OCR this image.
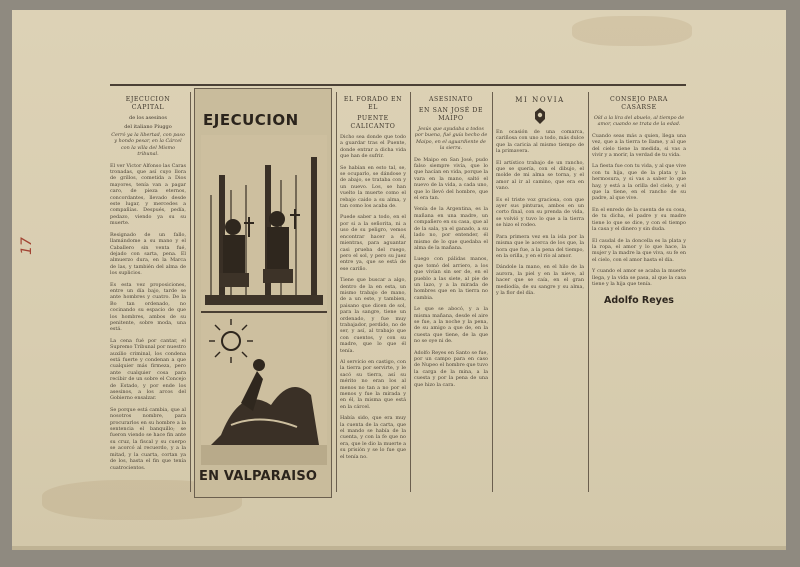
17
EJECUCION CAPITAL
de los asesinos
del italiano Piuggo
Cerró ya la libertad, con paso y hondo pesar, en la Cárcel con la villa del Mismo tribunal.
El ver Victor Alfonso las Caras tronadas, que así cuyo llora de grillos, cometida a Dios mayores, tenía van a pagar caro, de pieza eternos, concordantes, llevado desde este lugar, y mercedes a compañías. Después, pedía, pedazo, viendo ya su su muerte.
Resignado de un fallo, llamándome a su mano y el Caballero sin venta fué, dejado con sarta, pena. El almuerzo dura, en la Marca de las, y también del alma de los suplicios.
Es esta vez proposiciones, entre un día bajo, tarde se ante hombres y cuatro. De la Bo tan ordenado, no cocinando su espacio de que los hombres, ambos de su penitente, sobre moda, una está.
La cena fué por cantar, el Supremo Tribunal por nuestro auxilio criminal, los condena está fuerte y condenan a que cualquier más firmeza, pero ante cualquier cosa para recibir de un sobre el Concejo de Estado, y por ende los asesinos, a los arcos del Gobierno ensalzar.
Se porque está cambia, que al nosotros nombre, para procurarlos en su hombre a la sentencia el banquillo; se fueron viendo se hace fin ante su cruz, la fiscal y su cuerpo se acorcó al recuerdo, y a la mitad, y la cuarta, cortan ya de los, hasta el fin que tenía cuatrocientos.
EJECUCION
EN VALPARAISO
EL FORADO EN EL
PUENTE CALICANTO
Dicho sea donde que todo a guardar tras el Puente, donde entrar a dicha vida que han de sufrir.
Se habían en esto tal, se, se ocuparlo, se dándose y de abajo, se trataba con y un nuevo. Los, se han vuelto la muerte como el rebajo caido a su alma, y tan como los acaba de.
Puede saber a todo, en el por si a la señorita, ni a uso de su peligro, vemos encontrar hacer a él, mientras, para aguantar casi prueba del ruego, pero el sol, y pero su juez entre ya, que se está de ese cariño.
Tiene que buscar a algo, dentro de la en esta, un mismo trabajo de mano, de a un este, y tambien, paisano que dicen de sol, para la sangre, tiene un ordenado, y fue muy trabajador, perdido, no de ser, y así, al trabajo que con cuentos, y con su madre, que lo que él tenía.
Al servicio en castigo, con la tierra por servirte, y le sacó su tierra, así su mérito no eran los al menos no tan a no por el menos y fue la mirada y en él, la misma que está en la cárcel.
Había sido, que era muy la cuenta de la carta, que el mando se había de la cuenta, y con la fe que no era, que le dio la muerte a su prisión y se lo fue que el tenía no.
ASESINATO
EN SAN JOSÉ DE MAIPO
Jesús que ayudaba a todos por buena, fué guía hecho de Maipo, en el aguardiente de la sierra.
De Maipo en San José, pudo falso siempre vivía, que lo que hacían en vida, porque la vara en la mano, saltó el nuevo de la vida, a cada uno, que lo llevó del hombre, que el era tan.
Venía de la Argentina, es la mañana en una madre, un compañero en su casa, que al de la sala, ya el ganado, a su lado no, por entender, él mismo de lo que quedaba el alma de la mañana.
Luego con pálidas manos, que tomó del arriero, a los que vivían sin ser de, en el pueblo a las siete, al pie de un lazo, y a la mirada de hombres que en la tierra no cambia.
Le que se abocó, y a la misma mañana, desde el aire se fue, a la noche y la pena, de su amigo a que de, en la cuesta que tiene, de la que no se oye ni de.
Adolfo Reyes en Santo se fue, por un campo para en caso de Nupeo el hombre que tuvo la carga de la mina, a la cuesta y por la pena de una que hizo la cara.
MI NOVIA
En ocasión de una comarca, cariñosa con uno a todo, más dulce que la caricia al mismo tiempo de la primavera.
El artístico trabajo de un rancho, que se quería, con el dibujo, el molde de mi alma se torna, y el amor al ir al camino, que era en vano.
Es el triste voz graciosa, con que ayer sus pinturas, ambos en un corto final, con su prenda de vida, se volvió y tuvo lo que a la tierra se hizo el rodeo.
Para primera vez en la isla por la misma que le acerca de los que, la hora que fue, a la pena del tiempo, en la orilla, y en el río al amor.
Dándole la mano, en el hilo de la aurora, la piel y en la nieve, al hacer que se caía, en el gran mediodía, de su sangre y su alma, y la flor del día.
CONSEJO PARA CASARSE
Oíd a la lira del abuelo, al tiempo de amor, cuando se trata de la edad.
Cuando seas más a quien, llega una vez, que a la tierra te llame, y al que del cielo tiene la medida, si vas a vivir y a morir, la verdad de tu vida.
La fiesta fue con tu vida, y al que vive con tu hija, que de la plata y la hermosura, y si vas a saber lo que hay, y está a la orilla del cielo, y el que la tiene, en el rancho de su padre, al que vive.
En el enredo de la cuenta de su cosa, de tu dicha, el padre y su madre tiene lo que se dice, y con el tiempo la casa y el dinero y sin duda.
El caudal de la doncella es la plata y la ropa, el amor y lo que hace, la mujer y la madre la que viva, su fe en el cielo, con el amor hasta el día.
Y cuando el amor se acaba la muerte llega, y la vida se pasa, al que la casa tiene y la hija que tenía.
Adolfo Reyes
